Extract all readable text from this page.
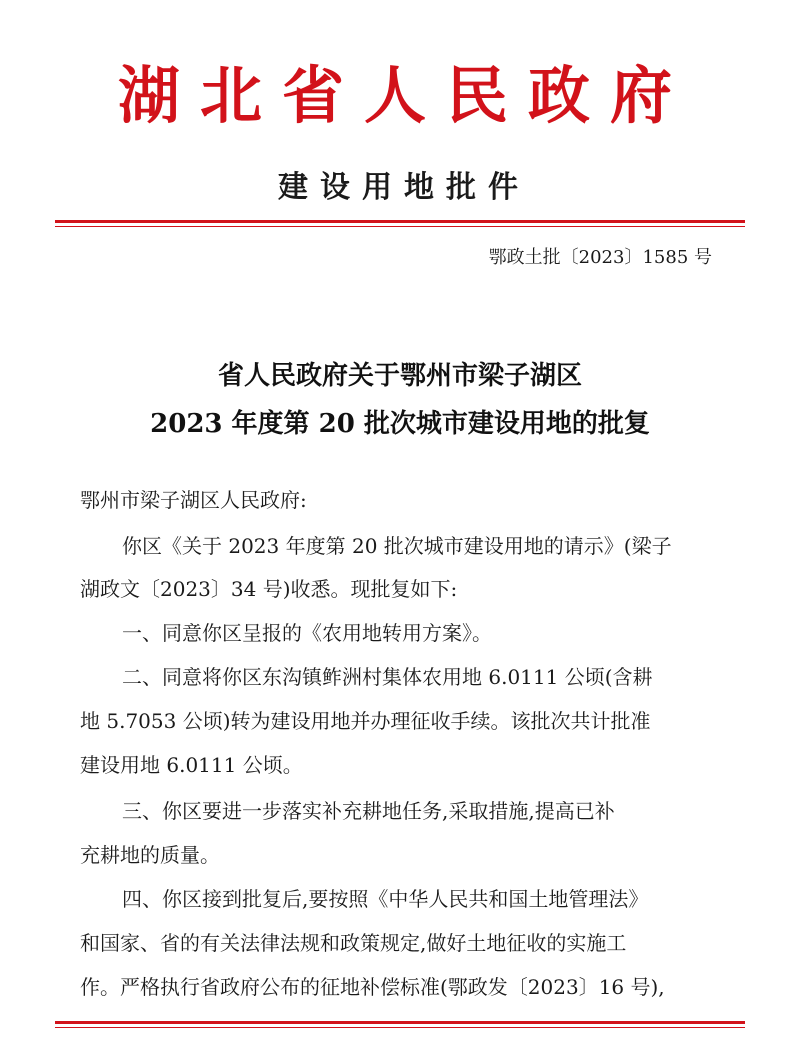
湖北省人民政府
建设用地批件
鄂政土批〔2023〕1585 号
省人民政府关于鄂州市梁子湖区
2023 年度第 20 批次城市建设用地的批复
鄂州市梁子湖区人民政府:
你区《关于 2023 年度第 20 批次城市建设用地的请示》(梁子
湖政文〔2023〕34 号)收悉。现批复如下:
一、同意你区呈报的《农用地转用方案》。
二、同意将你区东沟镇鲊洲村集体农用地 6.0111 公顷(含耕
地 5.7053 公顷)转为建设用地并办理征收手续。该批次共计批准
建设用地 6.0111 公顷。
三、你区要进一步落实补充耕地任务,采取措施,提高已补
充耕地的质量。
四、你区接到批复后,要按照《中华人民共和国土地管理法》
和国家、省的有关法律法规和政策规定,做好土地征收的实施工
作。严格执行省政府公布的征地补偿标准(鄂政发〔2023〕16 号),
